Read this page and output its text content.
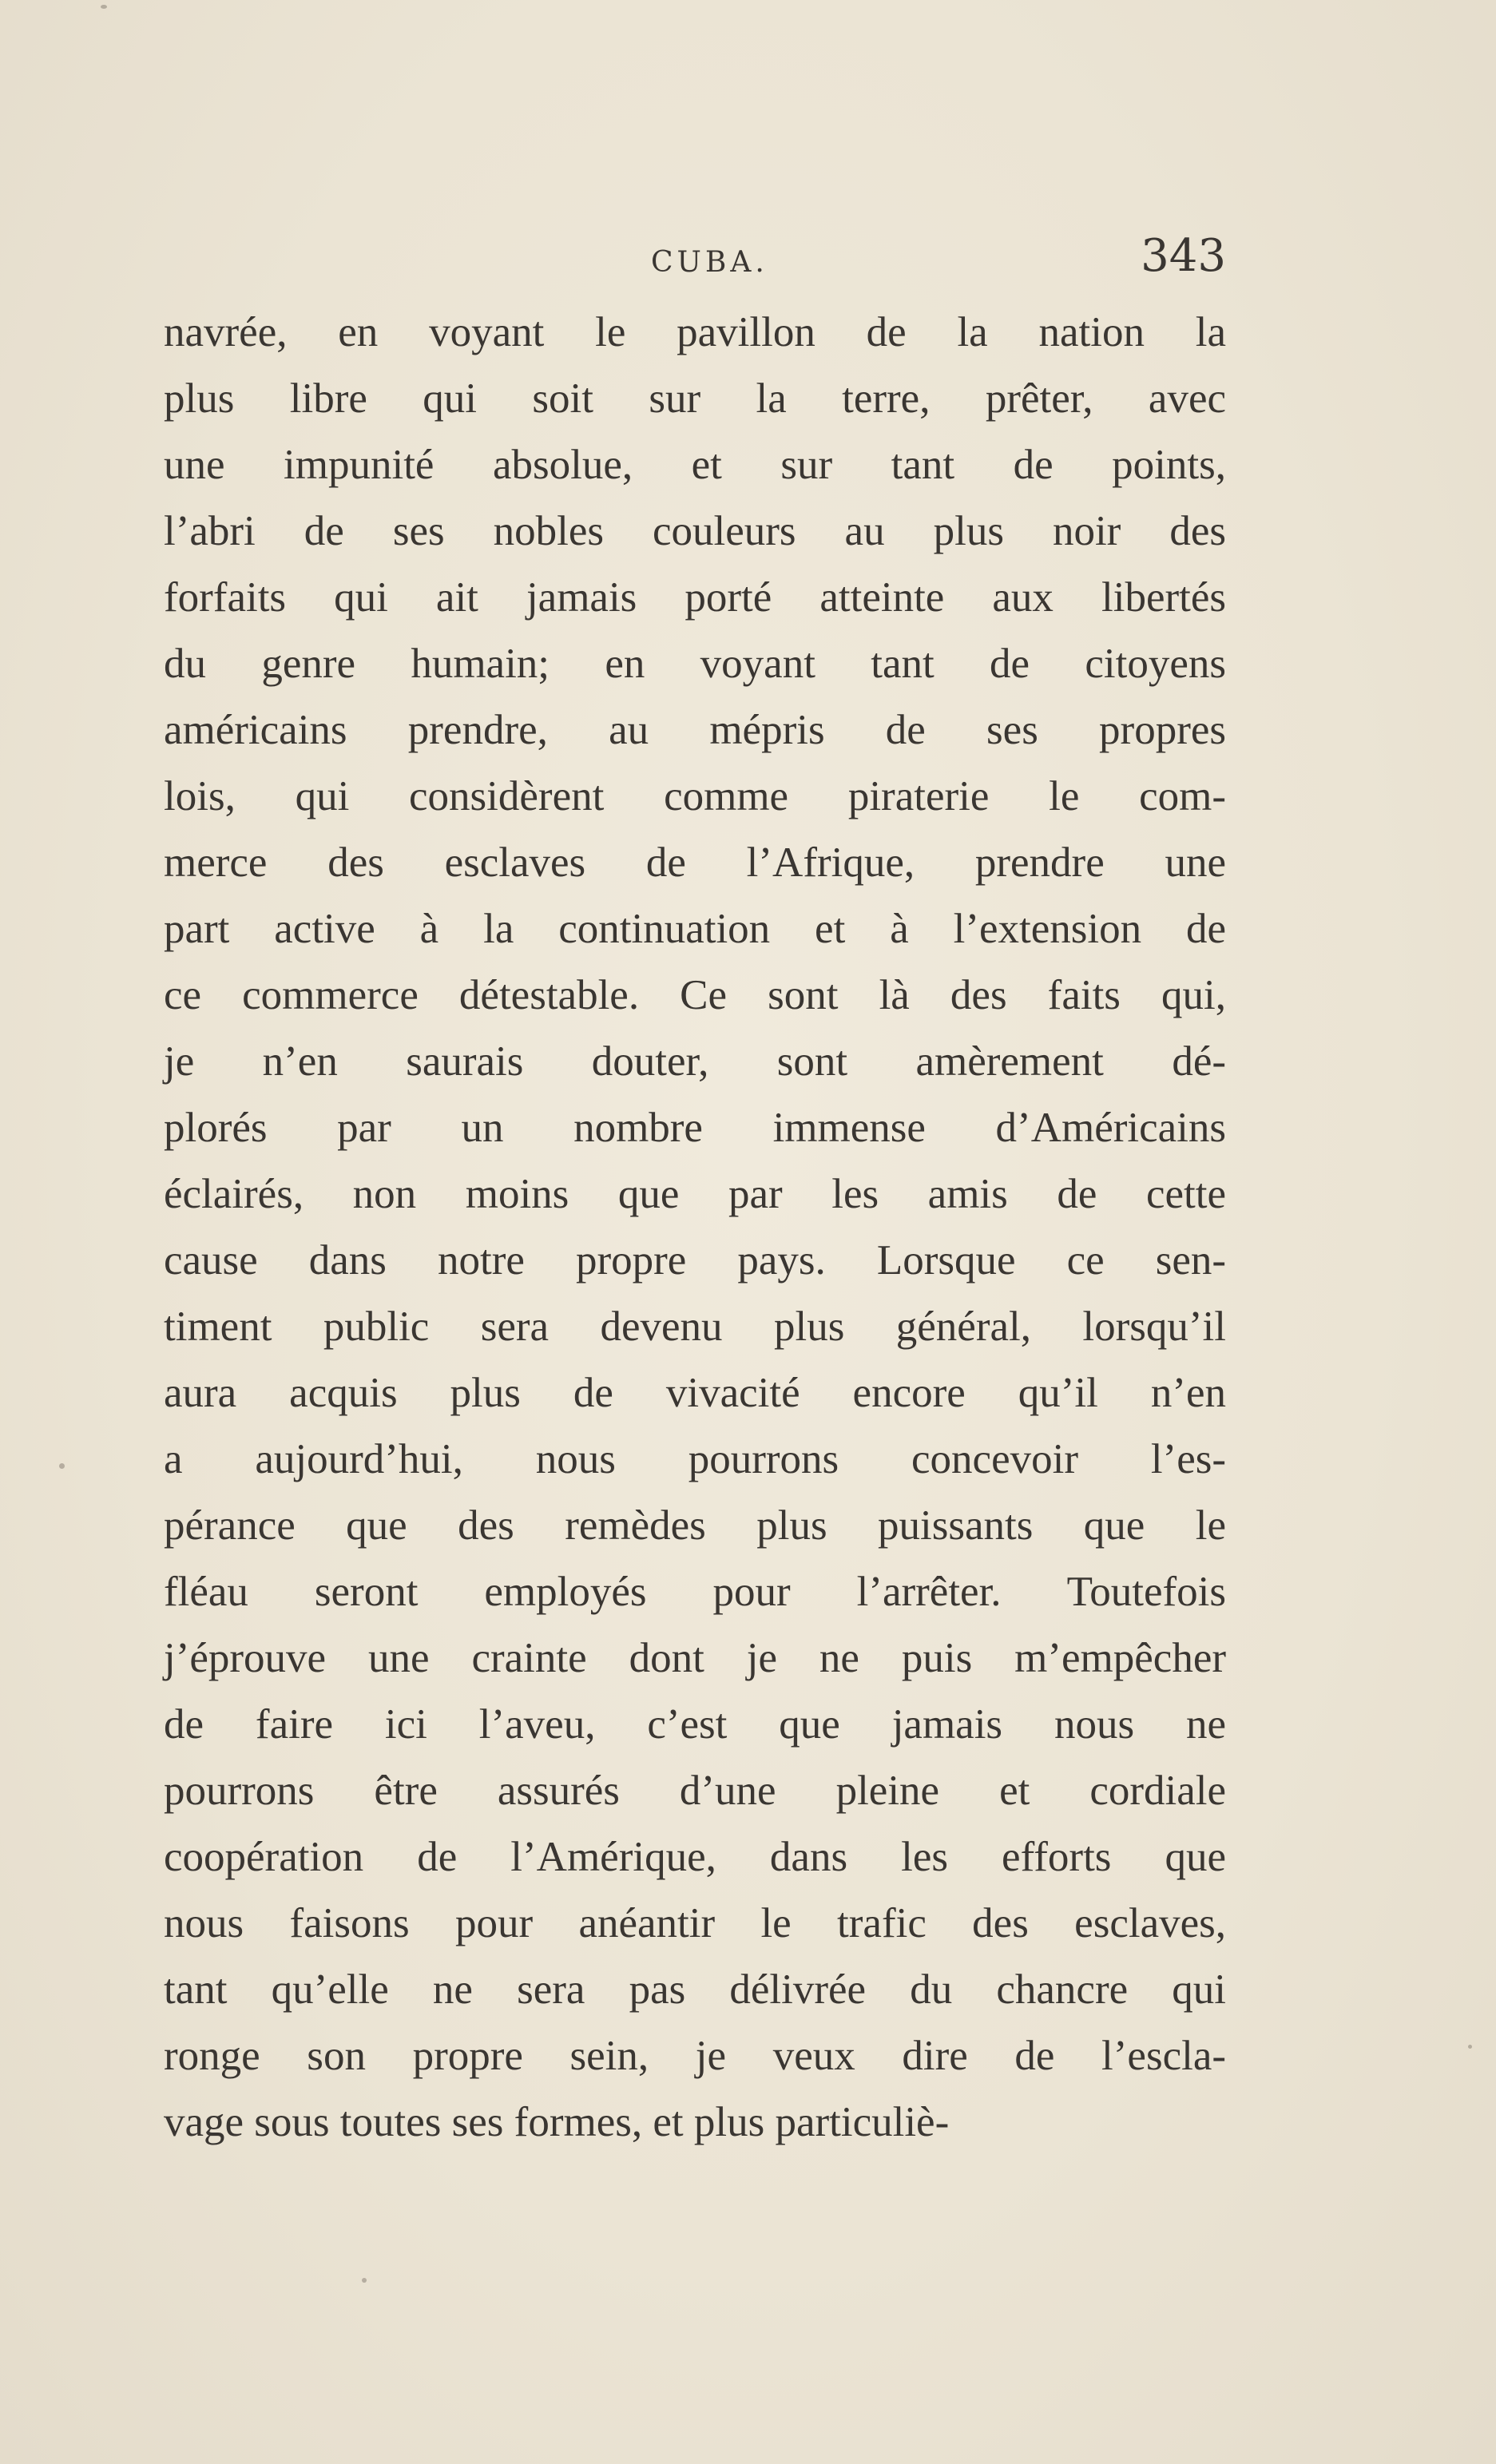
CUBA.	343
navrée, en voyant le pavillon de la nation la
plus libre qui soit sur la terre, prêter, avec
une impunité absolue, et sur tant de points,
l’abri de ses nobles couleurs au plus noir des
forfaits qui ait jamais porté atteinte aux libertés
du genre humain; en voyant tant de citoyens
américains prendre, au mépris de ses propres
lois, qui considèrent comme piraterie le com-
merce des esclaves de l’Afrique, prendre une
part active à la continuation et à l’extension de
ce commerce détestable. Ce sont là des faits qui,
je n’en saurais douter, sont amèrement dé-
plorés par un nombre immense d’Américains
éclairés, non moins que par les amis de cette
cause dans notre propre pays. Lorsque ce sen-
timent public sera devenu plus général, lorsqu’il
aura acquis plus de vivacité encore qu’il n’en
a aujourd’hui, nous pourrons concevoir l’es-
pérance que des remèdes plus puissants que le
fléau seront employés pour l’arrêter. Toutefois
j’éprouve une crainte dont je ne puis m’empêcher
de faire ici l’aveu, c’est que jamais nous ne
pourrons être assurés d’une pleine et cordiale
coopération de l’Amérique, dans les efforts que
nous faisons pour anéantir le trafic des esclaves,
tant qu’elle ne sera pas délivrée du chancre qui
ronge son propre sein, je veux dire de l’escla-
vage sous toutes ses formes, et plus particuliè-
